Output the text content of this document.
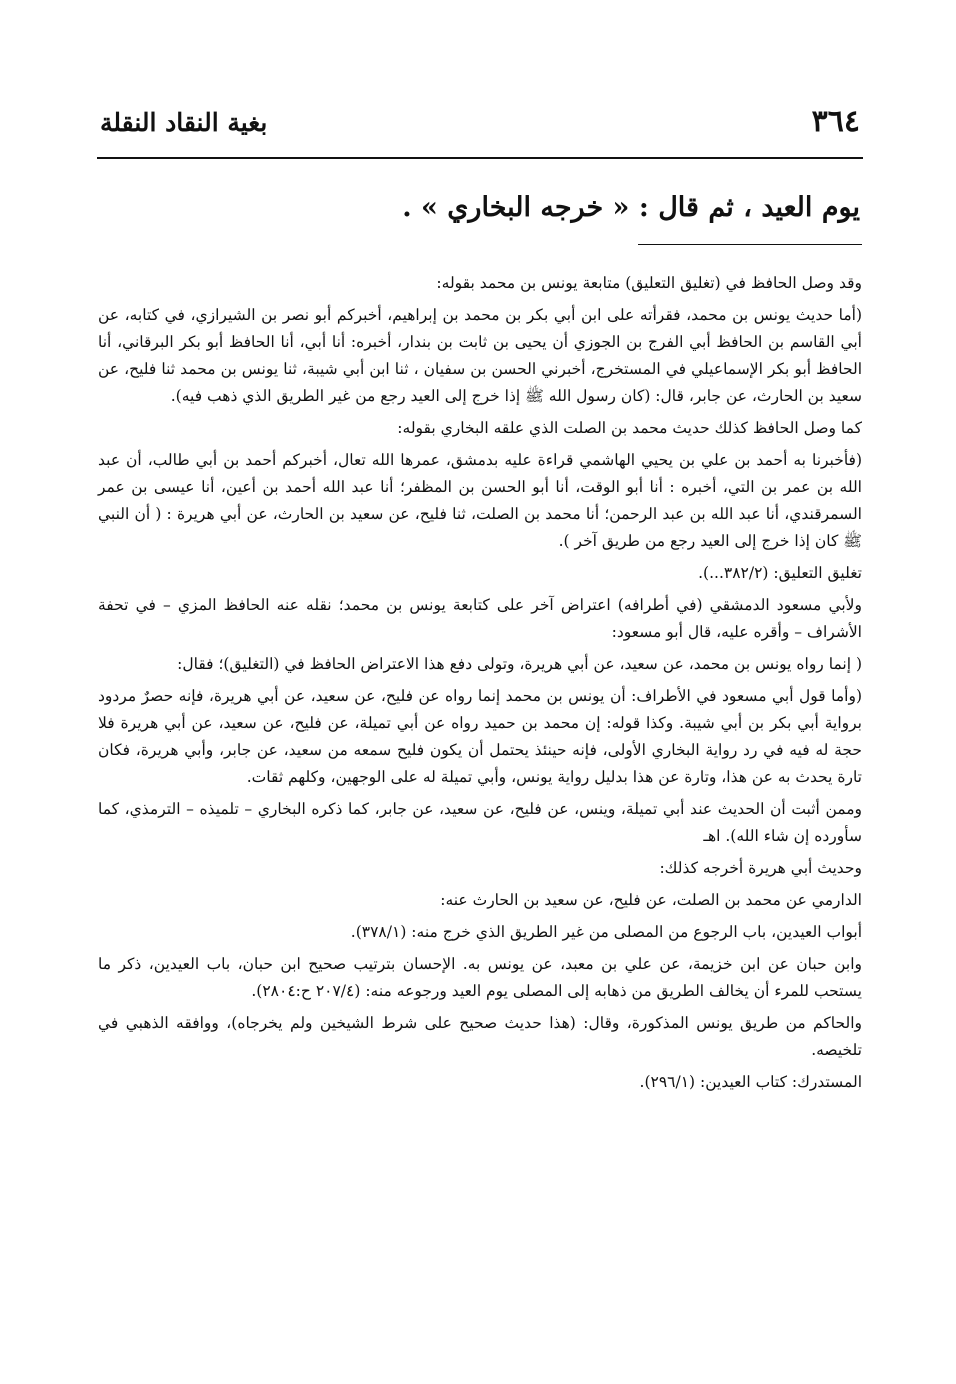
٣٦٤
بغية النقاد النقلة
يوم العيد ، ثم قال : « خرجه البخاري » .

وقد وصل الحافظ في (تغليق التعليق) متابعة يونس بن محمد بقوله:

(أما حديث يونس بن محمد، فقرأته على ابن أبي بكر بن محمد بن إبراهيم، أخبركم أبو نصر بن الشيرازي، في كتابه، عن أبي القاسم بن الحافظ أبي الفرج بن الجوزي أن يحيى بن ثابت بن بندار، أخبره: أنا أبي، أنا الحافظ أبو بكر البرقاني، أنا الحافظ أبو بكر الإسماعيلي في المستخرج، أخبرني الحسن بن سفيان ، ثنا ابن أبي شيبة، ثنا يونس بن محمد ثنا فليح، عن سعيد بن الحارث، عن جابر، قال: (كان رسول الله ﷺ إذا خرج إلى العيد رجع من غير الطريق الذي ذهب فيه).

كما وصل الحافظ كذلك حديث محمد بن الصلت الذي علقه البخاري بقوله:

(فأخبرنا به أحمد بن علي بن يحيي الهاشمي قراءة عليه بدمشق، عمرها الله تعال، أخبركم أحمد بن أبي طالب، أن عبد الله بن عمر بن التي، أخبره : أنا أبو الوقت، أنا أبو الحسن بن المظفر؛ أنا عبد الله أحمد بن أعين، أنا عيسى بن عمر السمرقندي، أنا عبد الله بن عبد الرحمن؛ أنا محمد بن الصلت، ثنا فليح، عن سعيد بن الحارث، عن أبي هريرة : ( أن النبي ﷺ كان إذا خرج إلى العيد رجع من طريق آخر ).

تغليق التعليق: (٣٨٢/٢...).

ولأبي مسعود الدمشقي (في أطرافه) اعتراض آخر على كتابعة يونس بن محمد؛ نقله عنه الحافظ المزي – في تحفة الأشراف – وأقره عليه، قال أبو مسعود:

( إنما رواه يونس بن محمد، عن سعيد، عن أبي هريرة، وتولى دفع هذا الاعتراض الحافظ في (التغليق)؛ فقال:

(وأما قول أبي مسعود في الأطراف: أن يونس بن محمد إنما رواه عن فليح، عن سعيد، عن أبي هريرة، فإنه حصرٌ مردود برواية أبي بكر بن أبي شيبة. وكذا قوله: إن محمد بن حميد رواه عن أبي تميلة، عن فليح، عن سعيد، عن أبي هريرة فلا حجة له فيه في رد رواية البخاري الأولى، فإنه حينئذ يحتمل أن يكون فليح سمعه من سعيد، عن جابر، وأبي هريرة، فكان تارة يحدث به عن هذا، وتارة عن هذا بدليل رواية يونس، وأبي تميلة له على الوجهين، وكلهم ثقات.

وممن أثبت أن الحديث عند أبي تميلة، وينس، عن فليح، عن سعيد، عن جابر، كما ذكره البخاري – تلميذه – الترمذي، كما سأورده إن شاء الله). اهـ

وحديث أبي هريرة أخرجه كذلك:

الدارمي عن محمد بن الصلت، عن فليح، عن سعيد بن الحارث عنه:

أبواب العيدين، باب الرجوع من المصلى من غير الطريق الذي خرج منه: (٣٧٨/١).

وابن حبان عن ابن خزيمة، عن علي بن معبد، عن يونس به. الإحسان بترتيب صحيح ابن حبان، باب العيدين، ذكر ما يستحب للمرء أن يخالف الطريق من ذهابه إلى المصلى يوم العيد ورجوعه منه: (٢٠٧/٤ ح:٢٨٠٤).

والحاكم من طريق يونس المذكورة، وقال: (هذا حديث صحيح على شرط الشيخين ولم يخرجاه)، ووافقه الذهبي في تلخيصه.

المستدرك: كتاب العيدين: (٢٩٦/١).
